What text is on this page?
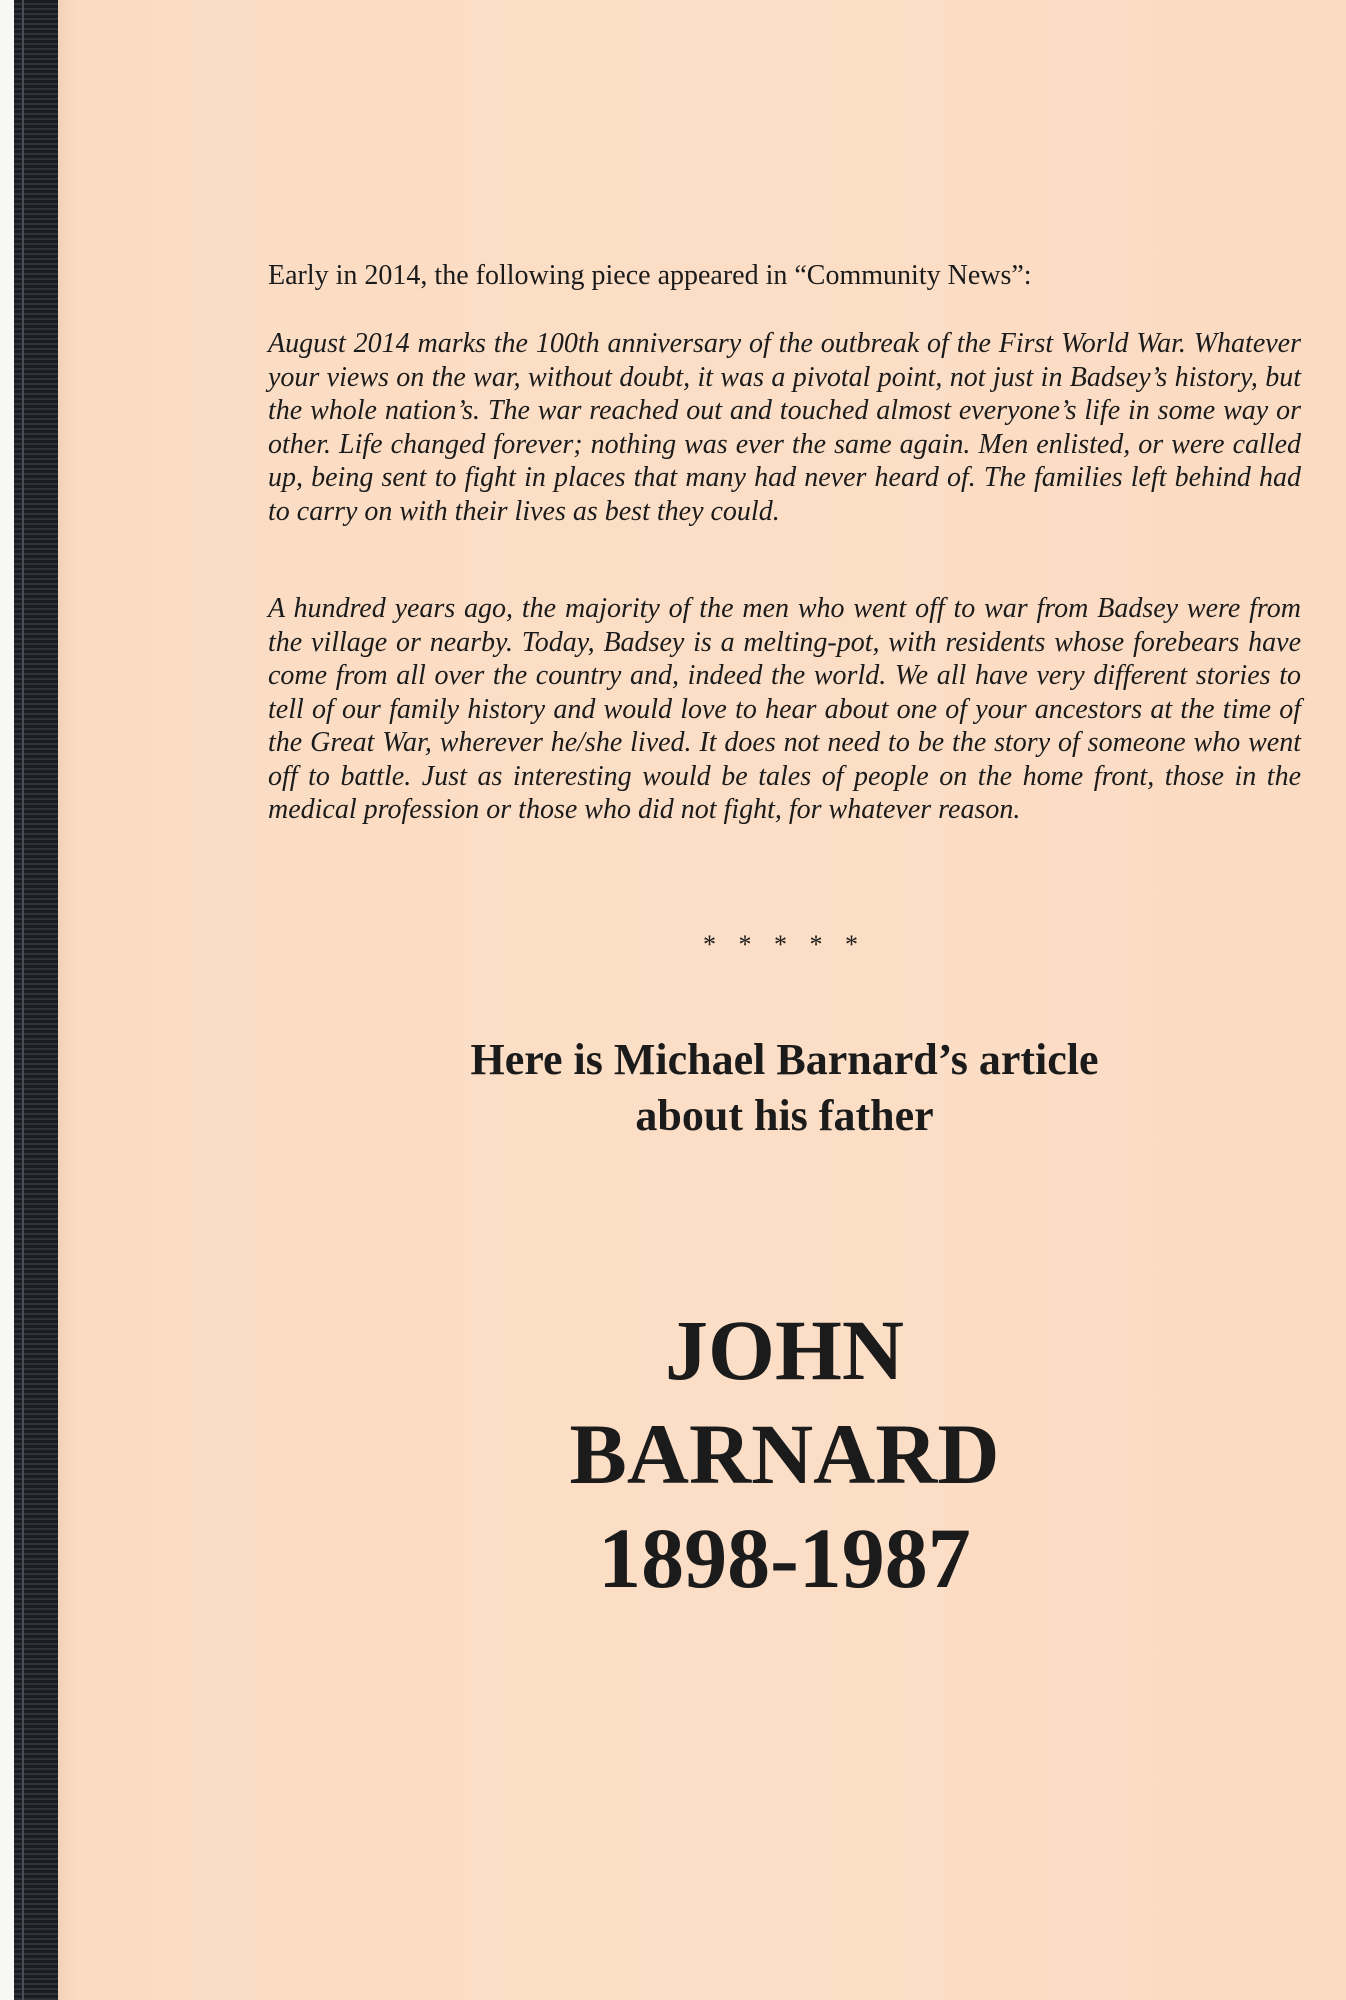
Early in 2014, the following piece appeared in “Community News”:

August 2014 marks the 100th anniversary of the outbreak of the First World War. Whatever your views on the war, without doubt, it was a pivotal point, not just in Badsey’s history, but the whole nation’s. The war reached out and touched almost everyone’s life in some way or other. Life changed forever; nothing was ever the same again. Men enlisted, or were called up, being sent to fight in places that many had never heard of. The families left behind had to carry on with their lives as best they could.

A hundred years ago, the majority of the men who went off to war from Badsey were from the village or nearby. Today, Badsey is a melting-pot, with residents whose forebears have come from all over the country and, indeed the world. We all have very different stories to tell of our family history and would love to hear about one of your ancestors at the time of the Great War, wherever he/she lived. It does not need to be the story of someone who went off to battle. Just as interesting would be tales of people on the home front, those in the medical profession or those who did not fight, for whatever reason.

* * * * *

Here is Michael Barnard’s article
about his father
JOHN
BARNARD
1898-1987
